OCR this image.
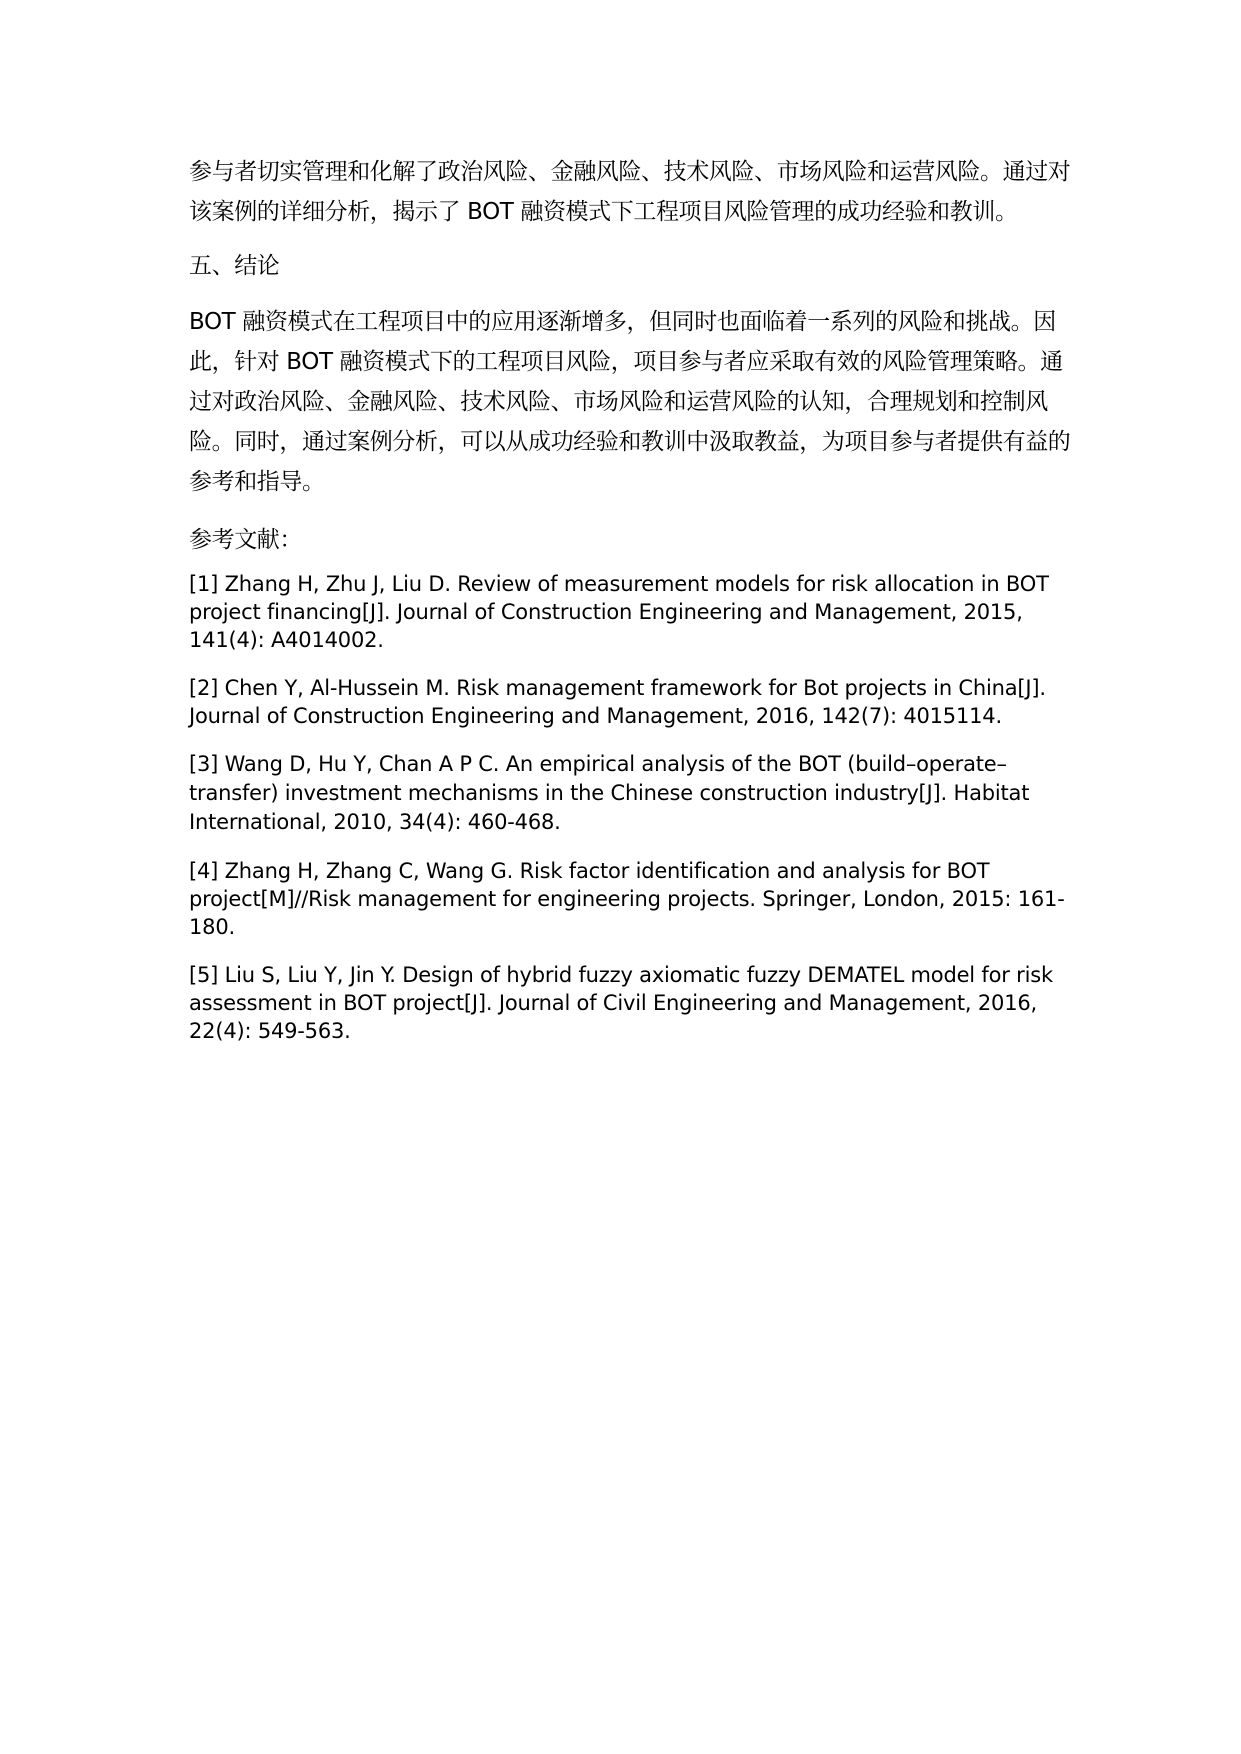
参与者切实管理和化解了政治风险、金融风险、技术风险、市场风险和运营风险。通过对该案例的详细分析，揭示了 BOT 融资模式下工程项目风险管理的成功经验和教训。

五、结论

BOT 融资模式在工程项目中的应用逐渐增多，但同时也面临着一系列的风险和挑战。因此，针对 BOT 融资模式下的工程项目风险，项目参与者应采取有效的风险管理策略。通过对政治风险、金融风险、技术风险、市场风险和运营风险的认知，合理规划和控制风险。同时，通过案例分析，可以从成功经验和教训中汲取教益，为项目参与者提供有益的参考和指导。

参考文献：

[1] Zhang H, Zhu J, Liu D. Review of measurement models for risk allocation in BOT project financing[J]. Journal of Construction Engineering and Management, 2015, 141(4): A4014002.
[2] Chen Y, Al-Hussein M. Risk management framework for Bot projects in China[J]. Journal of Construction Engineering and Management, 2016, 142(7): 4015114.
[3] Wang D, Hu Y, Chan A P C. An empirical analysis of the BOT (build–operate–transfer) investment mechanisms in the Chinese construction industry[J]. Habitat International, 2010, 34(4): 460-468.
[4] Zhang H, Zhang C, Wang G. Risk factor identification and analysis for BOT project[M]//Risk management for engineering projects. Springer, London, 2015: 161-180.
[5] Liu S, Liu Y, Jin Y. Design of hybrid fuzzy axiomatic fuzzy DEMATEL model for risk assessment in BOT project[J]. Journal of Civil Engineering and Management, 2016, 22(4): 549-563.
